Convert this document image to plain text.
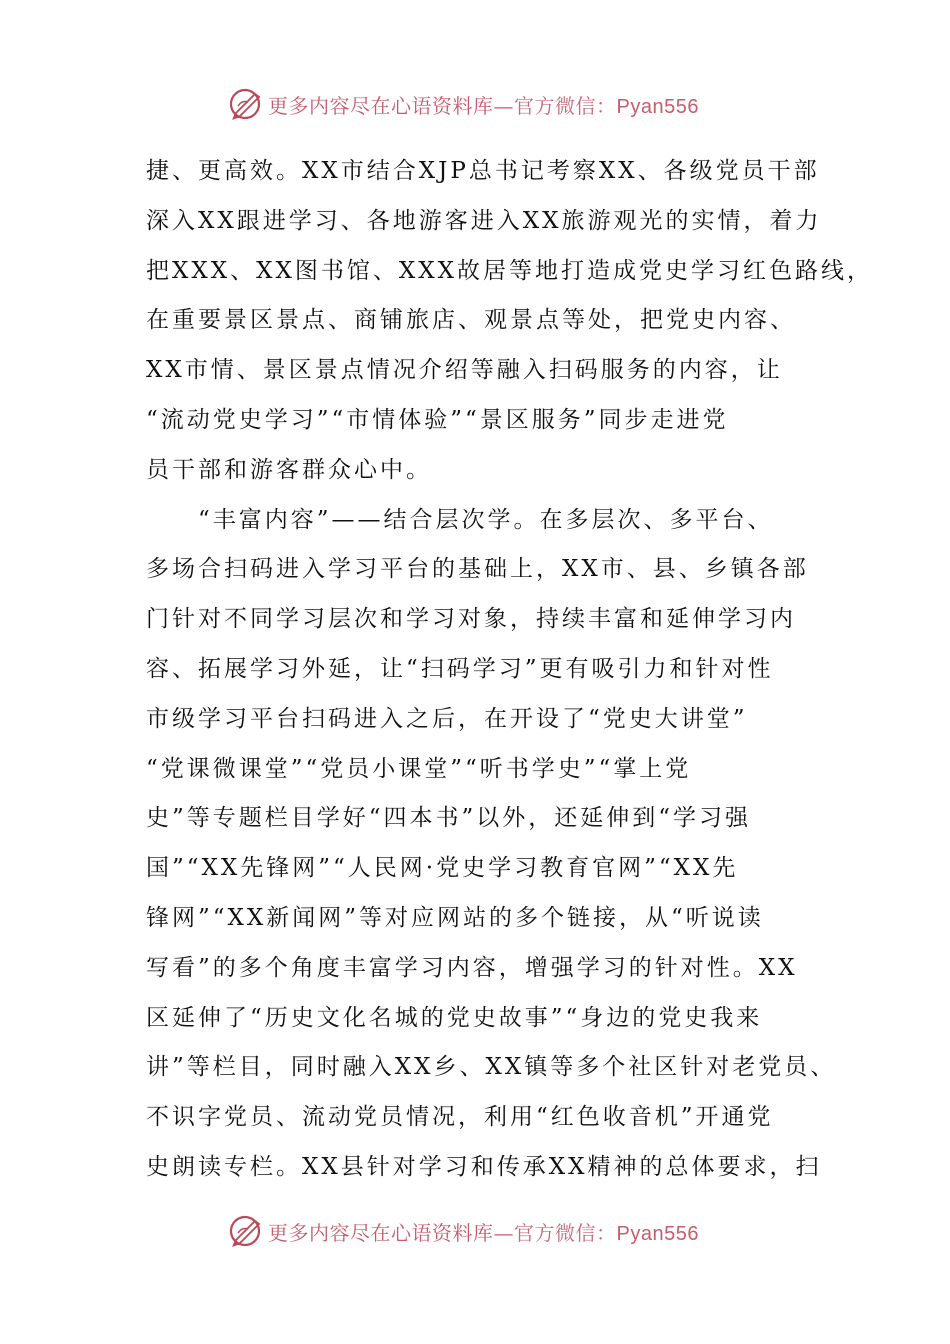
更多内容尽在心语资料库—官方微信：Pyan556
捷、更高效。XX市结合XJP总书记考察XX、各级党员干部
深入XX跟进学习、各地游客进入XX旅游观光的实情，着力
把XXX、XX图书馆、XXX故居等地打造成党史学习红色路线，
在重要景区景点、商铺旅店、观景点等处，把党史内容、
XX市情、景区景点情况介绍等融入扫码服务的内容，让
“流动党史学习”“市情体验”“景区服务”同步走进党
员干部和游客群众心中。
　　“丰富内容”——结合层次学。在多层次、多平台、
多场合扫码进入学习平台的基础上，XX市、县、乡镇各部
门针对不同学习层次和学习对象，持续丰富和延伸学习内
容、拓展学习外延，让“扫码学习”更有吸引力和针对性
市级学习平台扫码进入之后，在开设了“党史大讲堂”
“党课微课堂”“党员小课堂”“听书学史”“掌上党
史”等专题栏目学好“四本书”以外，还延伸到“学习强
国”“XX先锋网”“人民网·党史学习教育官网”“XX先
锋网”“XX新闻网”等对应网站的多个链接，从“听说读
写看”的多个角度丰富学习内容，增强学习的针对性。XX
区延伸了“历史文化名城的党史故事”“身边的党史我来
讲”等栏目，同时融入XX乡、XX镇等多个社区针对老党员、
不识字党员、流动党员情况，利用“红色收音机”开通党
史朗读专栏。XX县针对学习和传承XX精神的总体要求，扫
更多内容尽在心语资料库—官方微信：Pyan556
